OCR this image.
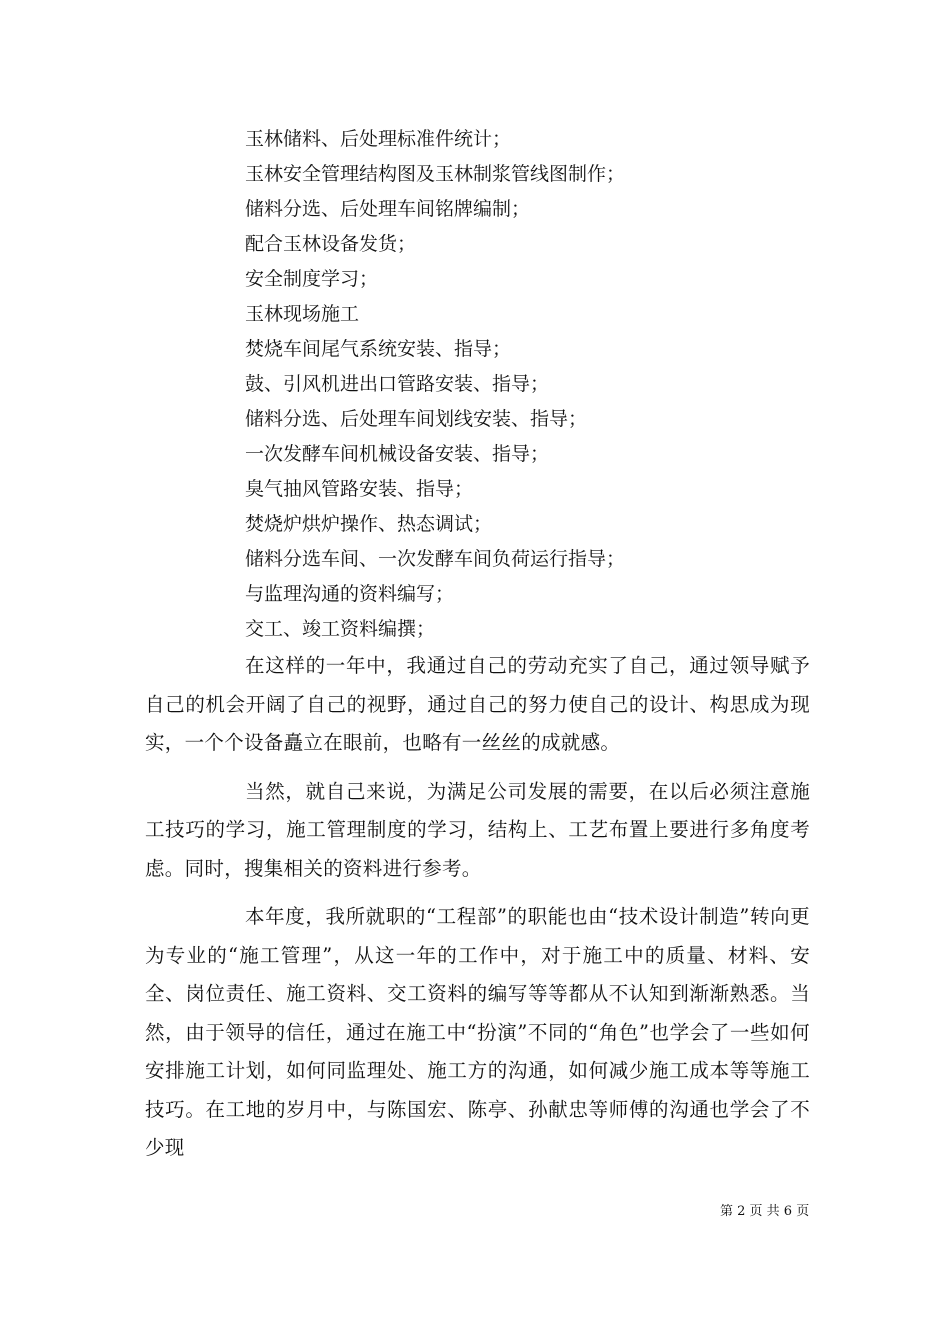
玉林储料、后处理标准件统计；

玉林安全管理结构图及玉林制浆管线图制作；

储料分选、后处理车间铭牌编制；

配合玉林设备发货；

安全制度学习；

玉林现场施工

焚烧车间尾气系统安装、指导；

鼓、引风机进出口管路安装、指导；

储料分选、后处理车间划线安装、指导；

一次发酵车间机械设备安装、指导；

臭气抽风管路安装、指导；

焚烧炉烘炉操作、热态调试；

储料分选车间、一次发酵车间负荷运行指导；

与监理沟通的资料编写；

交工、竣工资料编撰；

在这样的一年中，我通过自己的劳动充实了自己，通过领导赋予自己的机会开阔了自己的视野，通过自己的努力使自己的设计、构思成为现实，一个个设备矗立在眼前，也略有一丝丝的成就感。

当然，就自己来说，为满足公司发展的需要，在以后必须注意施工技巧的学习，施工管理制度的学习，结构上、工艺布置上要进行多角度考虑。同时，搜集相关的资料进行参考。

本年度，我所就职的“工程部”的职能也由“技术设计制造”转向更为专业的“施工管理”，从这一年的工作中，对于施工中的质量、材料、安全、岗位责任、施工资料、交工资料的编写等等都从不认知到渐渐熟悉。当然，由于领导的信任，通过在施工中“扮演”不同的“角色”也学会了一些如何安排施工计划，如何同监理处、施工方的沟通，如何减少施工成本等等施工技巧。在工地的岁月中，与陈国宏、陈亭、孙献忠等师傅的沟通也学会了不少现

第 2 页 共 6 页
